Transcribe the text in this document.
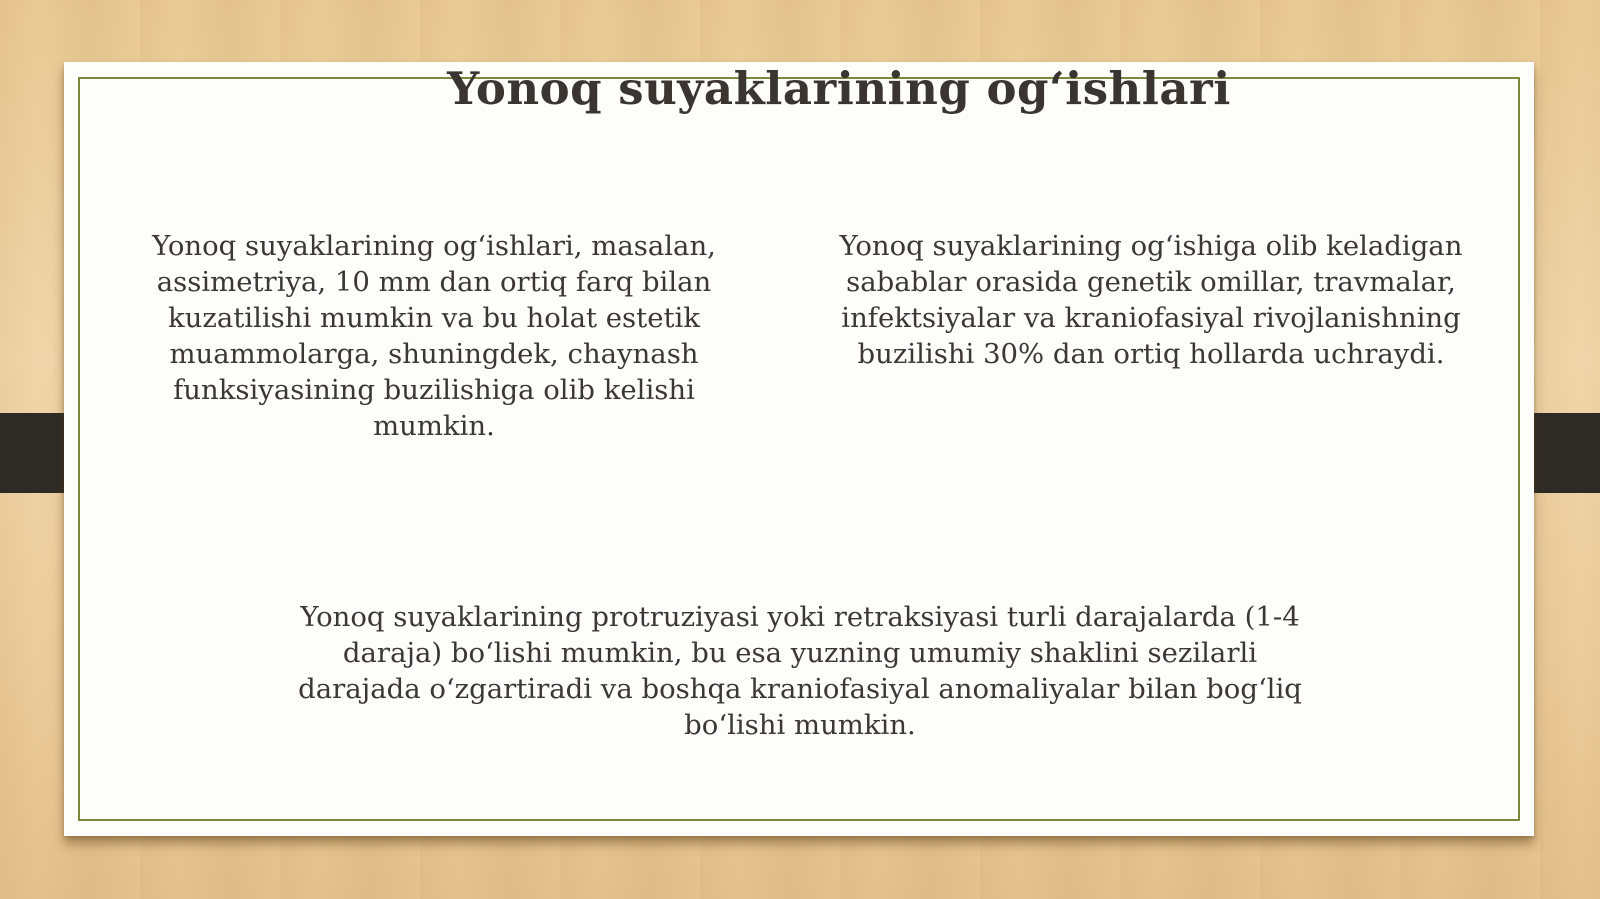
Yonoq suyaklarining og‘ishlari
Yonoq suyaklarining og‘ishlari, masalan, assimetriya, 10 mm dan ortiq farq bilan kuzatilishi mumkin va bu holat estetik muammolarga, shuningdek, chaynash funksiyasining buzilishiga olib kelishi mumkin.
Yonoq suyaklarining og‘ishiga olib keladigan sabablar orasida genetik omillar, travmalar, infektsiyalar va kraniofasiyal rivojlanishning buzilishi 30% dan ortiq hollarda uchraydi.
Yonoq suyaklarining protruziyasi yoki retraksiyasi turli darajalarda (1-4 daraja) bo‘lishi mumkin, bu esa yuzning umumiy shaklini sezilarli darajada o‘zgartiradi va boshqa kraniofasiyal anomaliyalar bilan bog‘liq bo‘lishi mumkin.
